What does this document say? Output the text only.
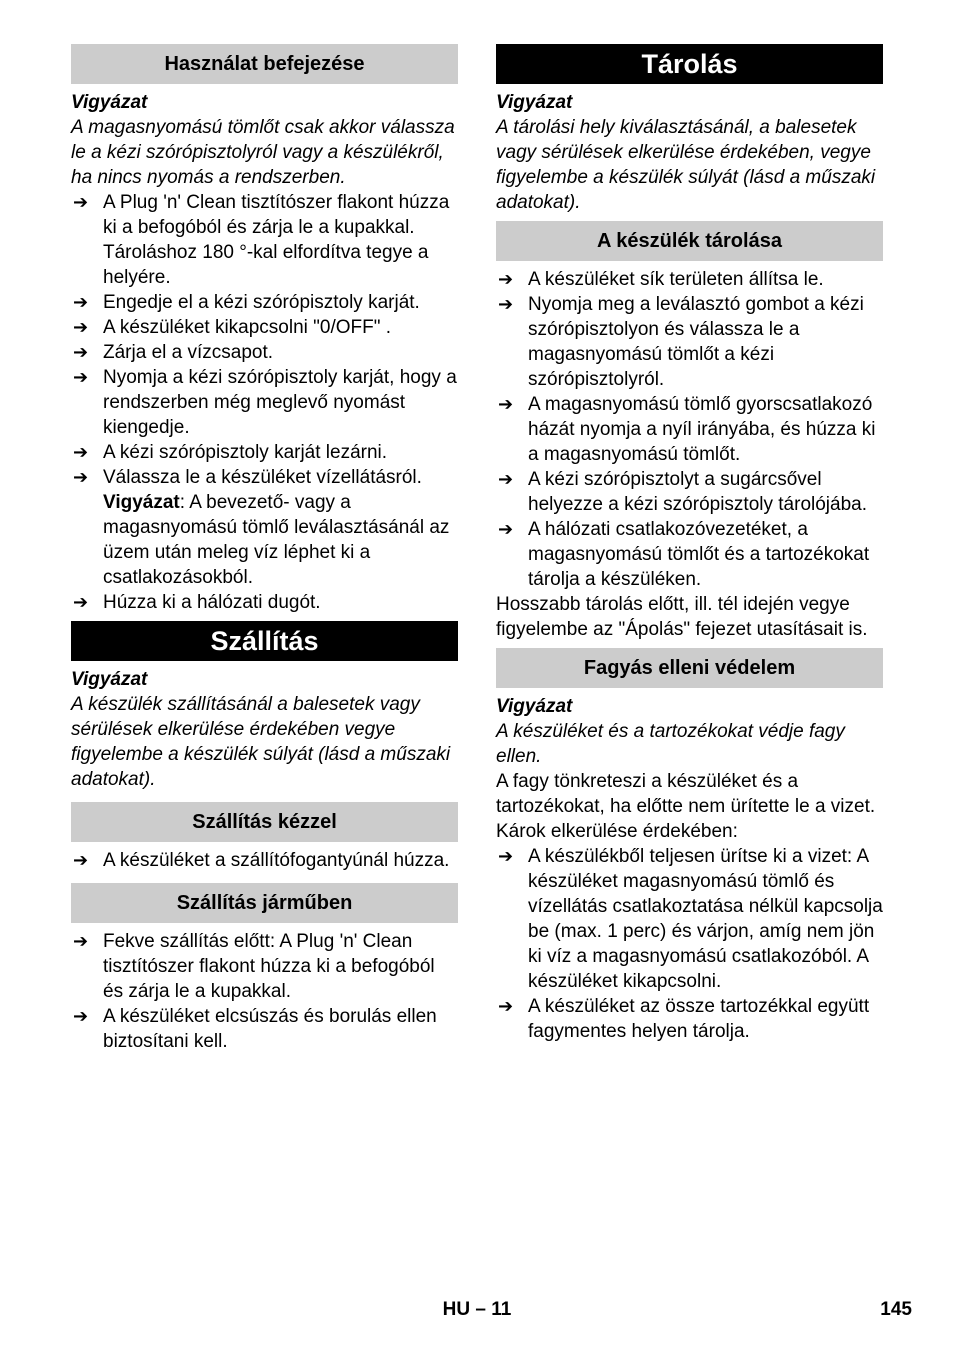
Használat befejezése
Vigyázat
A magasnyomású tömlőt csak akkor válassza le a kézi szórópisztolyról vagy a készülékről, ha nincs nyomás a rendszerben.
➔ A Plug 'n' Clean tisztítószer flakont húzza ki a befogóból és zárja le a kupakkal. Tároláshoz 180 °-kal elfordítva tegye a helyére.
➔ Engedje el a kézi szórópisztoly karját.
➔ A készüléket kikapcsolni "0/OFF" .
➔ Zárja el a vízcsapot.
➔ Nyomja a kézi szórópisztoly karját, hogy a rendszerben még meglevő nyomást kiengedje.
➔ A kézi szórópisztoly karját lezárni.
➔ Válassza le a készüléket vízellátásról.
Vigyázat: A bevezető- vagy a magasnyomású tömlő leválasztásánál az üzem után meleg víz léphet ki a csatlakozásokból.
➔ Húzza ki a hálózati dugót.
Szállítás
Vigyázat
A készülék szállításánál a balesetek vagy sérülések elkerülése érdekében vegye figyelembe a készülék súlyát (lásd a műszaki adatokat).
Szállítás kézzel
➔ A készüléket a szállítófogantyúnál húzza.
Szállítás járműben
➔ Fekve szállítás előtt: A Plug 'n' Clean tisztítószer flakont húzza ki a befogóból és zárja le a kupakkal.
➔ A készüléket elcsúszás és borulás ellen biztosítani kell.
Tárolás
Vigyázat
A tárolási hely kiválasztásánál, a balesetek vagy sérülések elkerülése érdekében, vegye figyelembe a készülék súlyát (lásd a műszaki adatokat).
A készülék tárolása
➔ A készüléket sík területen állítsa le.
➔ Nyomja meg a leválasztó gombot a kézi szórópisztolyon és válassza le a magasnyomású tömlőt a kézi szórópisztolyról.
➔ A magasnyomású tömlő gyorscsatlakozó házát nyomja a nyíl irányába, és húzza ki a magasnyomású tömlőt.
➔ A kézi szórópisztolyt a sugárcsővel helyezze a kézi szórópisztoly tárolójába.
➔ A hálózati csatlakozóvezetéket, a magasnyomású tömlőt és a tartozékokat tárolja a készüléken.

Hosszabb tárolás előtt, ill. tél idején vegye figyelembe az "Ápolás" fejezet utasításait is.

Fagyás elleni védelem
Vigyázat
A készüléket és a tartozékokat védje fagy ellen.

A fagy tönkreteszi a készüléket és a tartozékokat, ha előtte nem ürítette le a vizet. Károk elkerülése érdekében:

➔ A készülékből teljesen ürítse ki a vizet: A készüléket magasnyomású tömlő és vízellátás csatlakoztatása nélkül kapcsolja be (max. 1 perc) és várjon, amíg nem jön ki víz a magasnyomású csatlakozóból. A készüléket kikapcsolni.
➔ A készüléket az össze tartozékkal együtt fagymentes helyen tárolja.
HU – 11	145
